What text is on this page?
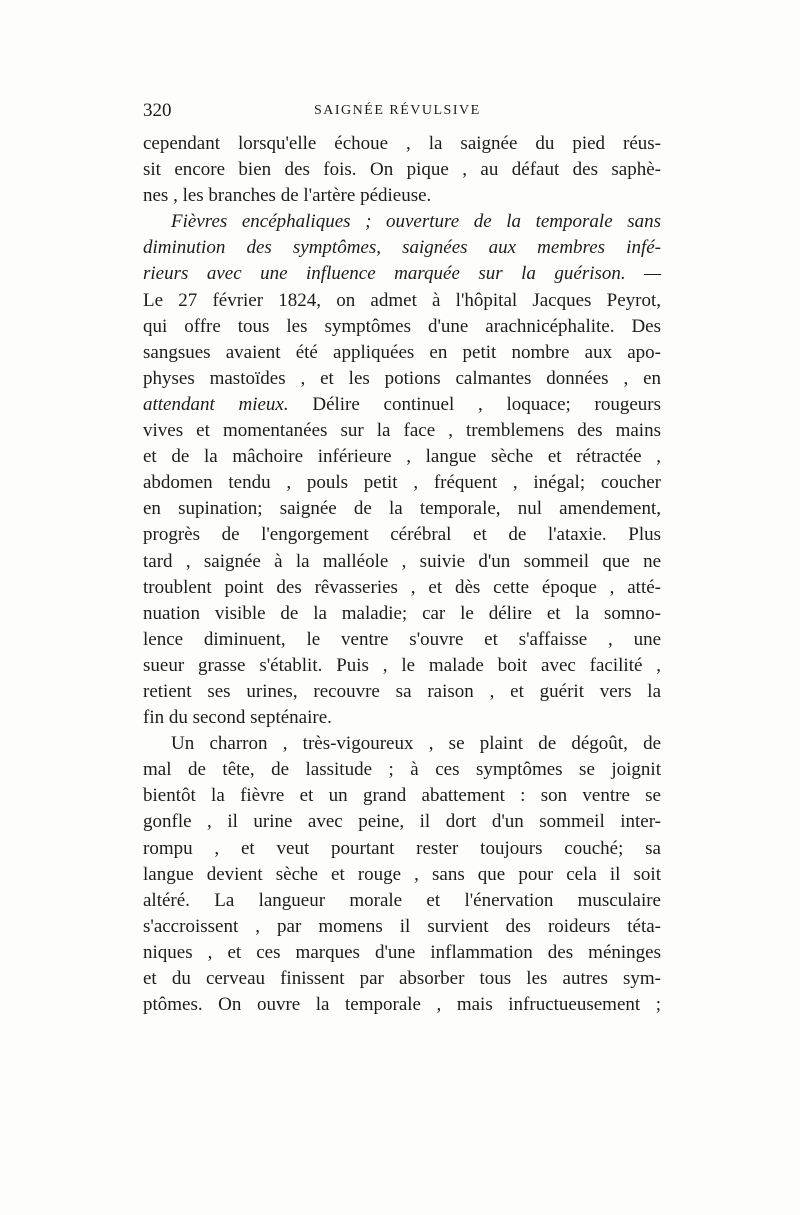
320	SAIGNÉE RÉVULSIVE
cependant lorsqu'elle échoue , la saignée du pied réus-
sit encore bien des fois. On pique , au défaut des saphè-
nes , les branches de l'artère pédieuse.
Fièvres encéphaliques ; ouverture de la temporale sans
diminution des symptômes, saignées aux membres infé-
rieurs avec une influence marquée sur la guérison. —
Le 27 février 1824, on admet à l'hôpital Jacques Peyrot,
qui offre tous les symptômes d'une arachnicéphalite. Des
sangsues avaient été appliquées en petit nombre aux apo-
physes mastoïdes , et les potions calmantes données , en
attendant mieux. Délire continuel , loquace; rougeurs
vives et momentanées sur la face , tremblemens des mains
et de la mâchoire inférieure , langue sèche et rétractée ,
abdomen tendu , pouls petit , fréquent , inégal; coucher
en supination; saignée de la temporale, nul amendement,
progrès de l'engorgement cérébral et de l'ataxie. Plus
tard , saignée à la malléole , suivie d'un sommeil que ne
troublent point des rêvasseries , et dès cette époque , atté-
nuation visible de la maladie; car le délire et la somno-
lence diminuent, le ventre s'ouvre et s'affaisse , une
sueur grasse s'établit. Puis , le malade boit avec facilité ,
retient ses urines, recouvre sa raison , et guérit vers la
fin du second septénaire.
Un charron , très-vigoureux , se plaint de dégoût, de
mal de tête, de lassitude ; à ces symptômes se joignit
bientôt la fièvre et un grand abattement : son ventre se
gonfle , il urine avec peine, il dort d'un sommeil inter-
rompu , et veut pourtant rester toujours couché; sa
langue devient sèche et rouge , sans que pour cela il soit
altéré. La langueur morale et l'énervation musculaire
s'accroissent , par momens il survient des roideurs téta-
niques , et ces marques d'une inflammation des méninges
et du cerveau finissent par absorber tous les autres sym-
ptômes. On ouvre la temporale , mais infructueusement ;
